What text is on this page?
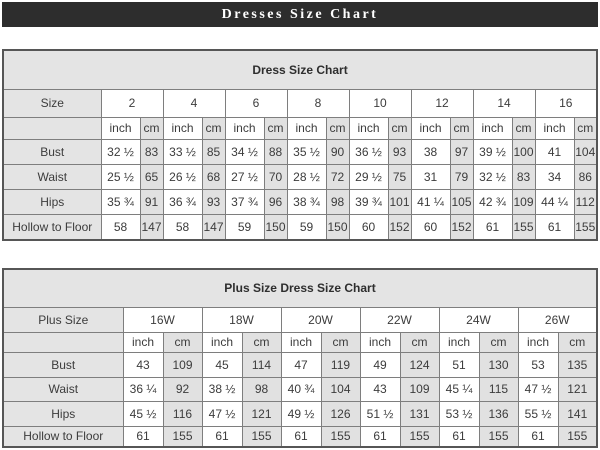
Dresses Size Chart
Dress Size Chart																
Size	2		4		6		8		10		12		14		16	
	inch	cm	inch	cm	inch	cm	inch	cm	inch	cm	inch	cm	inch	cm	inch	cm
Bust	32 ½	83	33 ½	85	34 ½	88	35 ½	90	36 ½	93	38	97	39 ½	100	41	104
Waist	25 ½	65	26 ½	68	27 ½	70	28 ½	72	29 ½	75	31	79	32 ½	83	34	86
Hips	35 ¾	91	36 ¾	93	37 ¾	96	38 ¾	98	39 ¾	101	41 ¼	105	42 ¾	109	44 ¼	112
Hollow to Floor	58	147	58	147	59	150	59	150	60	152	60	152	61	155	61	155
Plus Size Dress Size Chart												
Plus Size	16W		18W		20W		22W		24W		26W	
	inch	cm	inch	cm	inch	cm	inch	cm	inch	cm	inch	cm
Bust	43	109	45	114	47	119	49	124	51	130	53	135
Waist	36 ¼	92	38 ½	98	40 ¾	104	43	109	45 ¼	115	47 ½	121
Hips	45 ½	116	47 ½	121	49 ½	126	51 ½	131	53 ½	136	55 ½	141
Hollow to Floor	61	155	61	155	61	155	61	155	61	155	61	155
